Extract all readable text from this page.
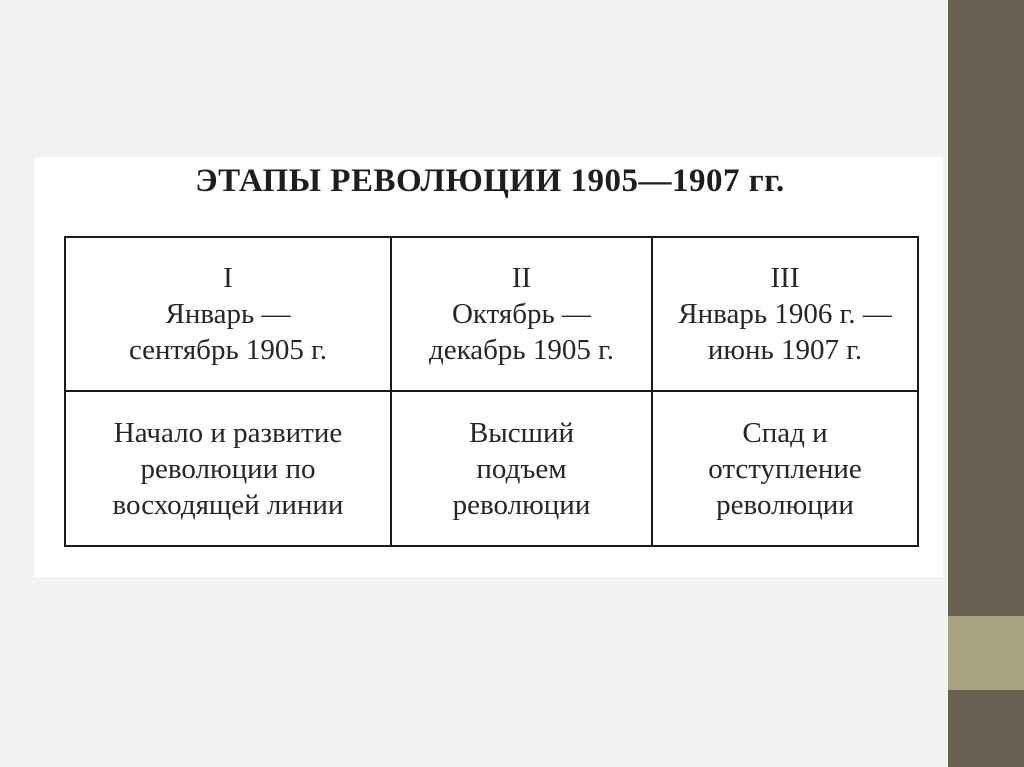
ЭТАПЫ РЕВОЛЮЦИИ 1905—1907 гг.
I
Январь —
сентябрь 1905 г.	II
Октябрь —
декабрь 1905 г.	III
Январь 1906 г. —
июнь 1907 г.

Начало и развитие
революции по
восходящей линии	Высший
подъем
революции	Спад и
отступление
революции
